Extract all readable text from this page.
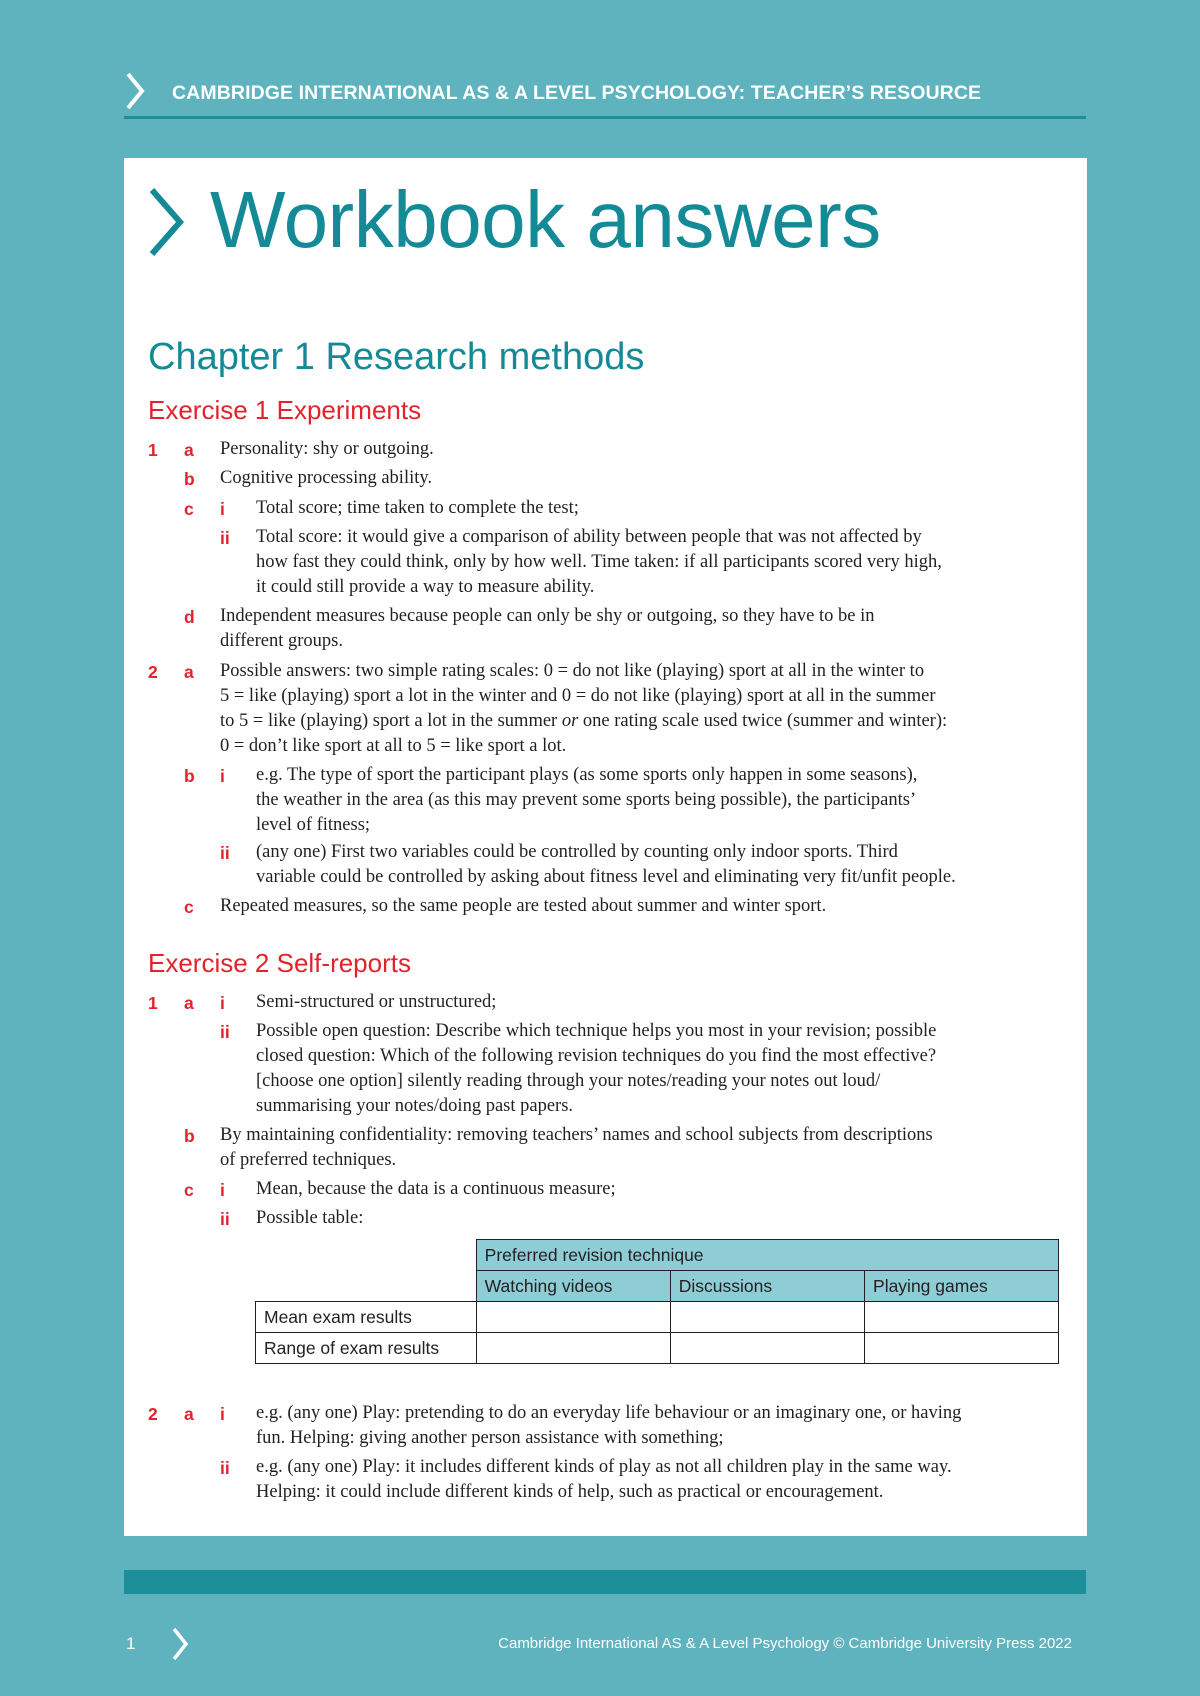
CAMBRIDGE INTERNATIONAL AS & A LEVEL PSYCHOLOGY: TEACHER’S RESOURCE
Workbook answers
Chapter 1 Research methods
Exercise 1 Experiments
1 a Personality: shy or outgoing.
b Cognitive processing ability.
c i Total score; time taken to complete the test;
ii Total score: it would give a comparison of ability between people that was not affected by
how fast they could think, only by how well. Time taken: if all participants scored very high,
it could still provide a way to measure ability.
d Independent measures because people can only be shy or outgoing, so they have to be in
different groups.
2 a Possible answers: two simple rating scales: 0 = do not like (playing) sport at all in the winter to
5 = like (playing) sport a lot in the winter and 0 = do not like (playing) sport at all in the summer
to 5 = like (playing) sport a lot in the summer or one rating scale used twice (summer and winter):
0 = don’t like sport at all to 5 = like sport a lot.
b i e.g. The type of sport the participant plays (as some sports only happen in some seasons),
the weather in the area (as this may prevent some sports being possible), the participants’
level of fitness;
ii (any one) First two variables could be controlled by counting only indoor sports. Third
variable could be controlled by asking about fitness level and eliminating very fit/unfit people.
c Repeated measures, so the same people are tested about summer and winter sport.
Exercise 2 Self-reports
1 a i Semi-structured or unstructured;
ii Possible open question: Describe which technique helps you most in your revision; possible
closed question: Which of the following revision techniques do you find the most effective?
[choose one option] silently reading through your notes/reading your notes out loud/
summarising your notes/doing past papers.
b By maintaining confidentiality: removing teachers’ names and school subjects from descriptions
of preferred techniques.
c i Mean, because the data is a continuous measure;
ii Possible table:
	Preferred revision technique		
	Watching videos	Discussions	Playing games
Mean exam results			
Range of exam results			
2 a i e.g. (any one) Play: pretending to do an everyday life behaviour or an imaginary one, or having
fun. Helping: giving another person assistance with something;
ii e.g. (any one) Play: it includes different kinds of play as not all children play in the same way.
Helping: it could include different kinds of help, such as practical or encouragement.
1	Cambridge International AS & A Level Psychology © Cambridge University Press 2022
